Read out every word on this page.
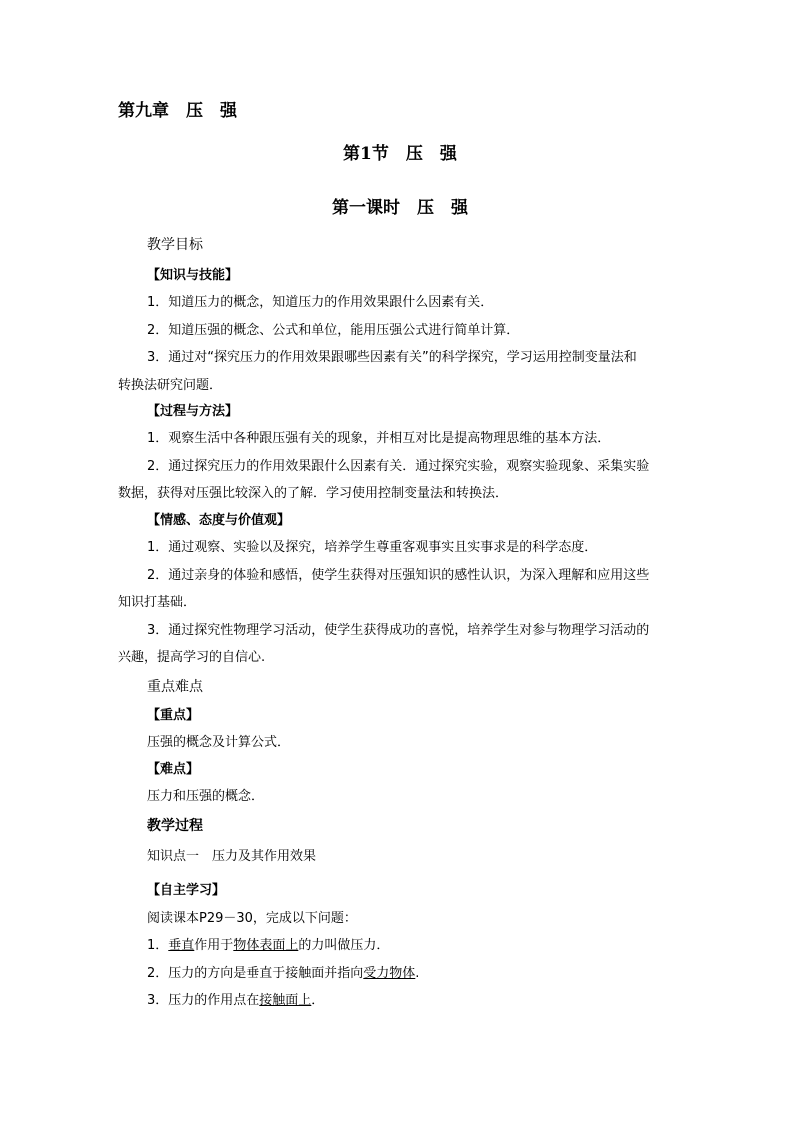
第九章　压　强
第1节　压　强
第一课时　压　强
教学目标
【知识与技能】
1．知道压力的概念，知道压力的作用效果跟什么因素有关．
2．知道压强的概念、公式和单位，能用压强公式进行简单计算．
3．通过对“探究压力的作用效果跟哪些因素有关”的科学探究，学习运用控制变量法和
转换法研究问题．
【过程与方法】
1．观察生活中各种跟压强有关的现象，并相互对比是提高物理思维的基本方法．
2．通过探究压力的作用效果跟什么因素有关．通过探究实验，观察实验现象、采集实验
数据，获得对压强比较深入的了解．学习使用控制变量法和转换法．
【情感、态度与价值观】
1．通过观察、实验以及探究，培养学生尊重客观事实且实事求是的科学态度．
2．通过亲身的体验和感悟，使学生获得对压强知识的感性认识，为深入理解和应用这些
知识打基础．
3．通过探究性物理学习活动，使学生获得成功的喜悦，培养学生对参与物理学习活动的
兴趣，提高学习的自信心.
重点难点
【重点】
压强的概念及计算公式．
【难点】
压力和压强的概念．
教学过程
知识点一　压力及其作用效果
【自主学习】
阅读课本P29－30，完成以下问题：
1．垂直作用于物体表面上的力叫做压力．
2．压力的方向是垂直于接触面并指向受力物体.
3．压力的作用点在接触面上．
